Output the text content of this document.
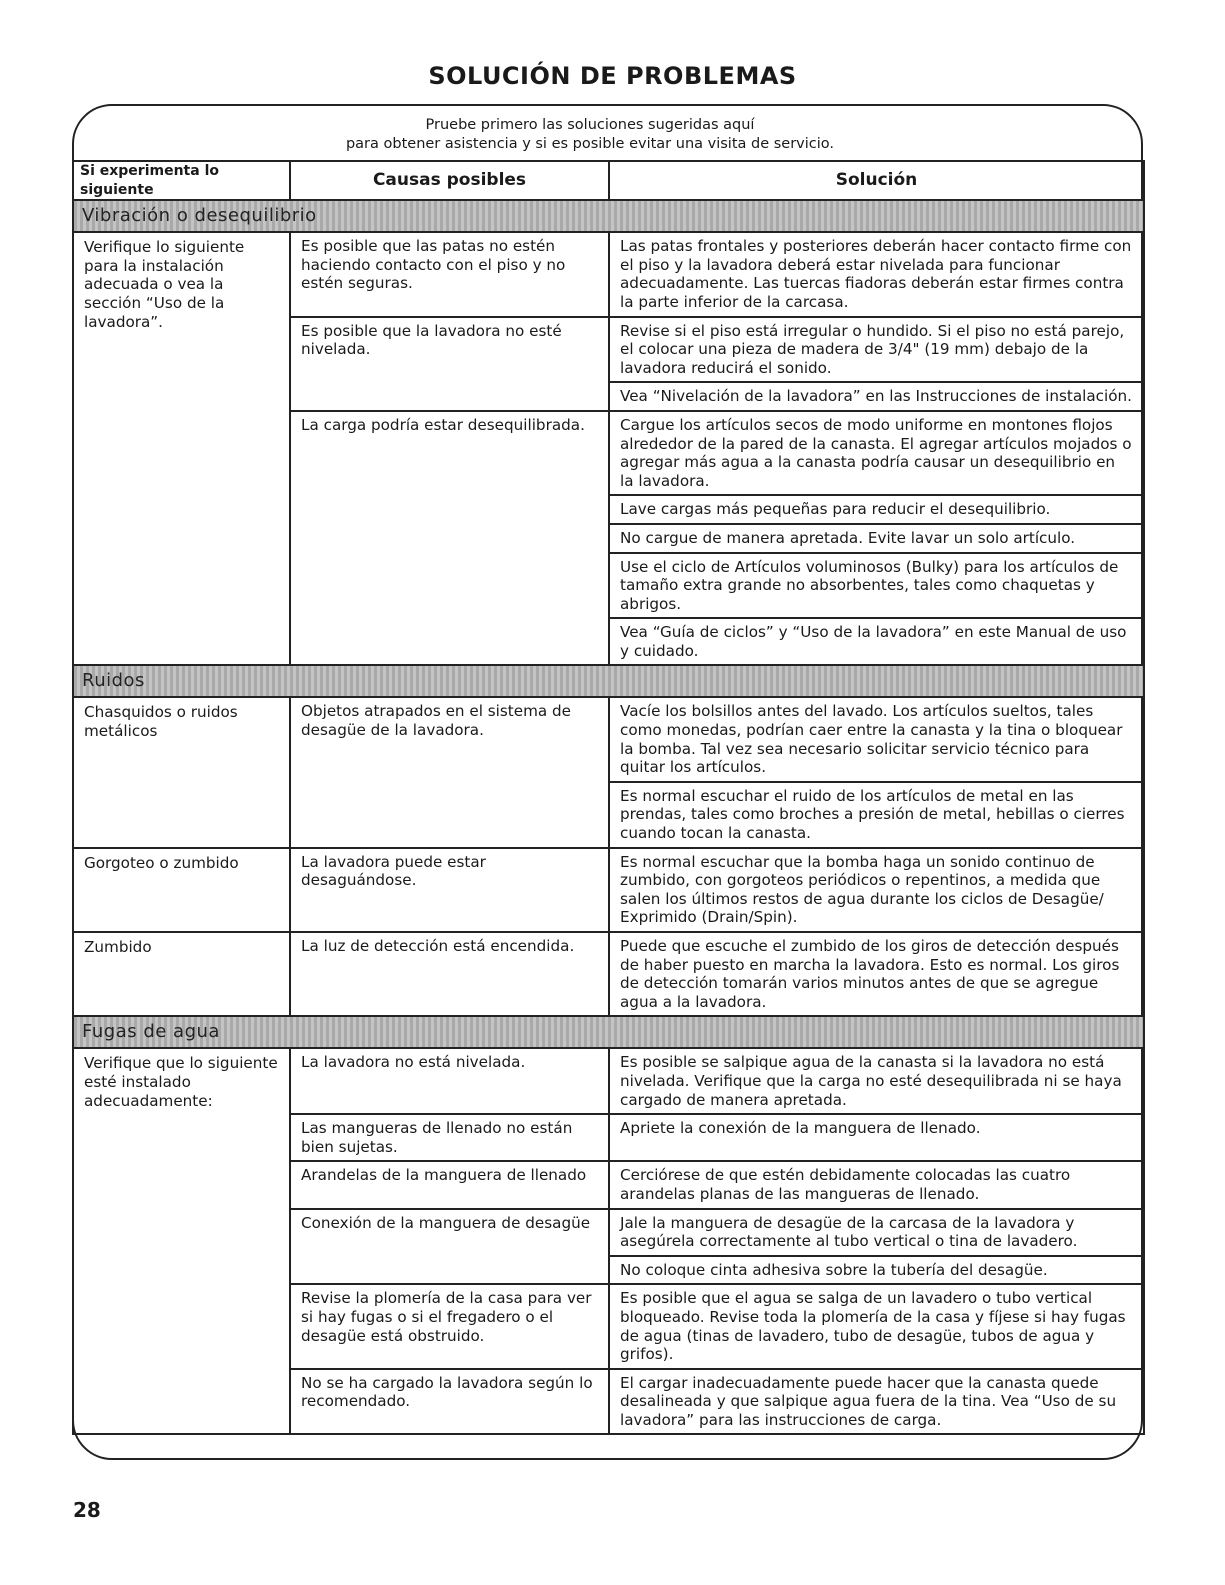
SOLUCIÓN DE PROBLEMAS
Pruebe primero las soluciones sugeridas aquí
para obtener asistencia y si es posible evitar una visita de servicio.
Si experimenta lo siguiente	Causas posibles	Solución
Vibración o desequilibrio		
Verifique lo siguiente para la instalación adecuada o vea la sección “Uso de la lavadora”.	Es posible que las patas no estén haciendo contacto con el piso y no estén seguras.	Las patas frontales y posteriores deberán hacer contacto firme con el piso y la lavadora deberá estar nivelada para funcionar adecuadamente. Las tuercas fiadoras deberán estar firmes contra la parte inferior de la carcasa.
	Es posible que la lavadora no esté nivelada.	Revise si el piso está irregular o hundido. Si el piso no está parejo, el colocar una pieza de madera de 3/4" (19 mm) debajo de la lavadora reducirá el sonido.
		Vea “Nivelación de la lavadora” en las Instrucciones de instalación.
	La carga podría estar desequilibrada.	Cargue los artículos secos de modo uniforme en montones flojos alrededor de la pared de la canasta. El agregar artículos mojados o agregar más agua a la canasta podría causar un desequilibrio en la lavadora.
		Lave cargas más pequeñas para reducir el desequilibrio.
		No cargue de manera apretada. Evite lavar un solo artículo.
		Use el ciclo de Artículos voluminosos (Bulky) para los artículos de tamaño extra grande no absorbentes, tales como chaquetas y abrigos.
		Vea “Guía de ciclos” y “Uso de la lavadora” en este Manual de uso y cuidado.
Ruidos		
Chasquidos o ruidos metálicos	Objetos atrapados en el sistema de desagüe de la lavadora.	Vacíe los bolsillos antes del lavado. Los artículos sueltos, tales como monedas, podrían caer entre la canasta y la tina o bloquear la bomba. Tal vez sea necesario solicitar servicio técnico para quitar los artículos.
		Es normal escuchar el ruido de los artículos de metal en las prendas, tales como broches a presión de metal, hebillas o cierres cuando tocan la canasta.
Gorgoteo o zumbido	La lavadora puede estar desaguándose.	Es normal escuchar que la bomba haga un sonido continuo de zumbido, con gorgoteos periódicos o repentinos, a medida que salen los últimos restos de agua durante los ciclos de Desagüe/ Exprimido (Drain/Spin).
Zumbido	La luz de detección está encendida.	Puede que escuche el zumbido de los giros de detección después de haber puesto en marcha la lavadora. Esto es normal. Los giros de detección tomarán varios minutos antes de que se agregue agua a la lavadora.
Fugas de agua		
Verifique que lo siguiente esté instalado adecuadamente:	La lavadora no está nivelada.	Es posible se salpique agua de la canasta si la lavadora no está nivelada. Verifique que la carga no esté desequilibrada ni se haya cargado de manera apretada.
	Las mangueras de llenado no están bien sujetas.	Apriete la conexión de la manguera de llenado.
	Arandelas de la manguera de llenado	Cerciórese de que estén debidamente colocadas las cuatro arandelas planas de las mangueras de llenado.
	Conexión de la manguera de desagüe	Jale la manguera de desagüe de la carcasa de la lavadora y asegúrela correctamente al tubo vertical o tina de lavadero.
		No coloque cinta adhesiva sobre la tubería del desagüe.
	Revise la plomería de la casa para ver si hay fugas o si el fregadero o el desagüe está obstruido.	Es posible que el agua se salga de un lavadero o tubo vertical bloqueado. Revise toda la plomería de la casa y fíjese si hay fugas de agua (tinas de lavadero, tubo de desagüe, tubos de agua y grifos).
	No se ha cargado la lavadora según lo recomendado.	El cargar inadecuadamente puede hacer que la canasta quede desalineada y que salpique agua fuera de la tina. Vea “Uso de su lavadora” para las instrucciones de carga.
28
